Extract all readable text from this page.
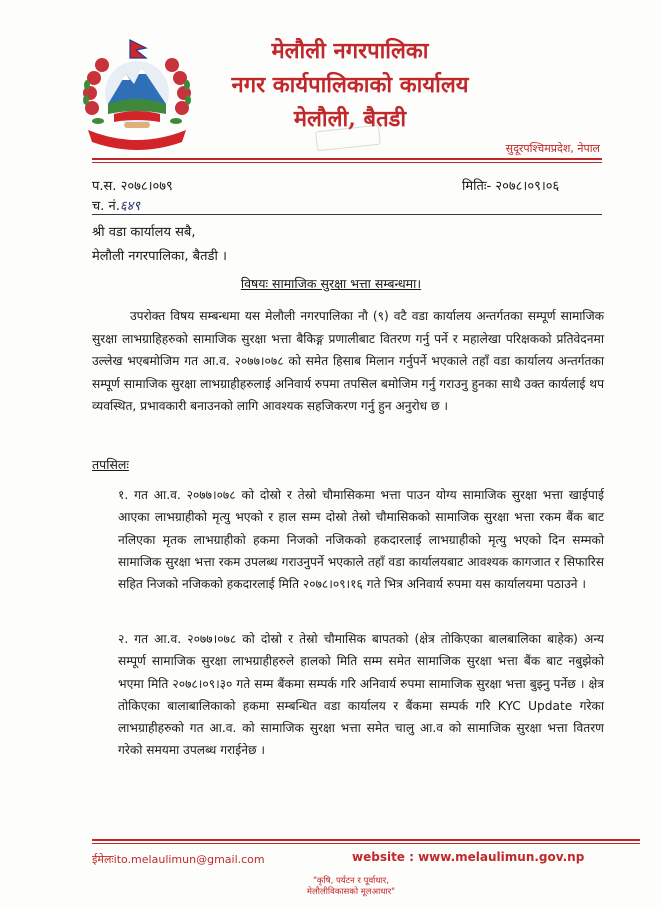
मेलौली नगरपालिका
नगर कार्यपालिकाको कार्यालय
मेलौली, बैतडी
सुदूरपश्चिमप्रदेश, नेपाल
प.स. २०७८।०७९	मितिः- २०७८।०९।०६
च. नं.६४९
श्री वडा कार्यालय सबै,
मेलौली नगरपालिका, बैतडी ।
विषयः सामाजिक सुरक्षा भत्ता सम्बन्धमा।
उपरोक्त विषय सम्बन्धमा यस मेलौली नगरपालिका नौ (९) वटै वडा कार्यालय अन्तर्गतका सम्पूर्ण सामाजिक सुरक्षा लाभग्राहिहरुको सामाजिक सुरक्षा भत्ता बैकिङ्ग प्रणालीबाट वितरण गर्नु पर्ने र महालेखा परिक्षकको प्रतिवेदनमा उल्लेख भएबमोजिम गत आ.व. २०७७।०७८ को समेत हिसाब मिलान गर्नुपर्ने भएकाले तहाँ वडा कार्यालय अन्तर्गतका सम्पूर्ण सामाजिक सुरक्षा लाभग्राहीहरुलाई अनिवार्य रुपमा तपसिल बमोजिम गर्नु गराउनु हुनका साथै उक्त कार्यलाई थप व्यवस्थित, प्रभावकारी बनाउनको लागि आवश्यक सहजिकरण गर्नु हुन अनुरोध छ ।
तपसिलः
१. गत आ.व. २०७७।०७८ को दोस्रो र तेस्रो चौमासिकमा भत्ता पाउन योग्य सामाजिक सुरक्षा भत्ता खाईपाई आएका लाभग्राहीको मृत्यु भएको र हाल सम्म दोस्रो तेस्रो चौमासिकको सामाजिक सुरक्षा भत्ता रकम बैंक बाट नलिएका मृतक लाभग्राहीको हकमा निजको नजिकको हकदारलाई लाभग्राहीको मृत्यु भएको दिन सम्मको सामाजिक सुरक्षा भत्ता रकम उपलब्ध गराउनुपर्ने भएकाले तहाँ वडा कार्यालयबाट आवश्यक कागजात र सिफारिस सहित निजको नजिकको हकदारलाई मिति २०७८।०९।१६ गते भित्र अनिवार्य रुपमा यस कार्यालयमा पठाउने ।
२. गत आ.व. २०७७।०७८ को दोस्रो र तेस्रो चौमासिक बापतको (क्षेत्र तोकिएका बालबालिका बाहेक) अन्य सम्पूर्ण सामाजिक सुरक्षा लाभग्राहीहरुले हालको मिति सम्म समेत सामाजिक सुरक्षा भत्ता बैंक बाट नबुझेको भएमा मिति २०७८।०९।३० गते सम्म बैंकमा सम्पर्क गरि अनिवार्य रुपमा सामाजिक सुरक्षा भत्ता बुझ्नु पर्नेछ । क्षेत्र तोकिएका बालाबालिकाको हकमा सम्बन्धित वडा कार्यालय र बैंकमा सम्पर्क गरि KYC Update गरेका लाभग्राहीहरुको गत आ.व. को सामाजिक सुरक्षा भत्ता समेत चालु आ.व को सामाजिक सुरक्षा भत्ता वितरण गरेको समयमा उपलब्ध गराईनेछ ।
ईमेलःito.melaulimun@gmail.com	website : www.melaulimun.gov.np
"कृषि, पर्यटन र पूर्वाधार,
मेलौलीविकासको मूलआधार"
